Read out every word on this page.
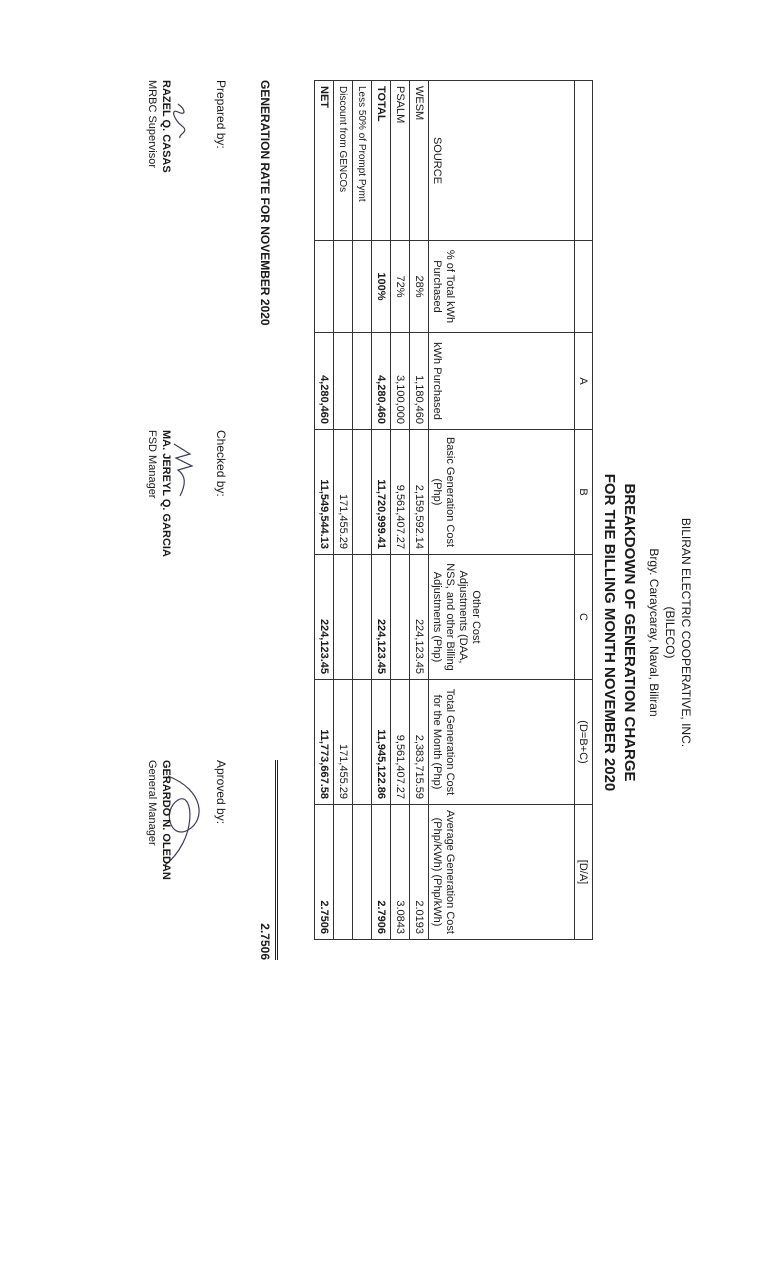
BILIRAN ELECTRIC COOPERATIVE, INC.
(BILECO)
Brgy. Caraycaray, Naval, Biliran
BREAKDOWN OF GENERATION CHARGE
FOR THE BILLING MONTH NOVEMBER 2020
		A	B	C	(D=B+C)	[D/A]
SOURCE	% of Total kWh Purchased	kWh Purchased	Basic Generation Cost (Php)	Other Cost Adjustments (DAA, NSS, and other Billing Adjustments (Php)	Total Generation Cost for the Month (Php)	Average Generation Cost (Php/KWh) (Php/kWh)
WESM	28%	1,180,460	2,159,592.14	224,123.45	2,383,715.59	2.0193
PSALM	72%	3,100,000	9,561,407.27		9,561,407.27	3.0843
TOTAL	100%	4,280,460	11,720,999.41	224,123.45	11,945,122.86	2.7906
Less 50% of Prompt Pymt						
Discount from GENCOs			171,455.29		171,455.29	
NET		4,280,460	11,549,544.13	224,123.45	11,773,667.58	2.7506
GENERATION RATE FOR NOVEMBER 2020
2.7506
Prepared by:
RAZEL Q. CASAS
MRBC Supervisor
Checked by:
MA. JEREYL Q. GARCIA
FSD Manager
Aproved by:
GERARDO N. OLEDAN
General Manager
